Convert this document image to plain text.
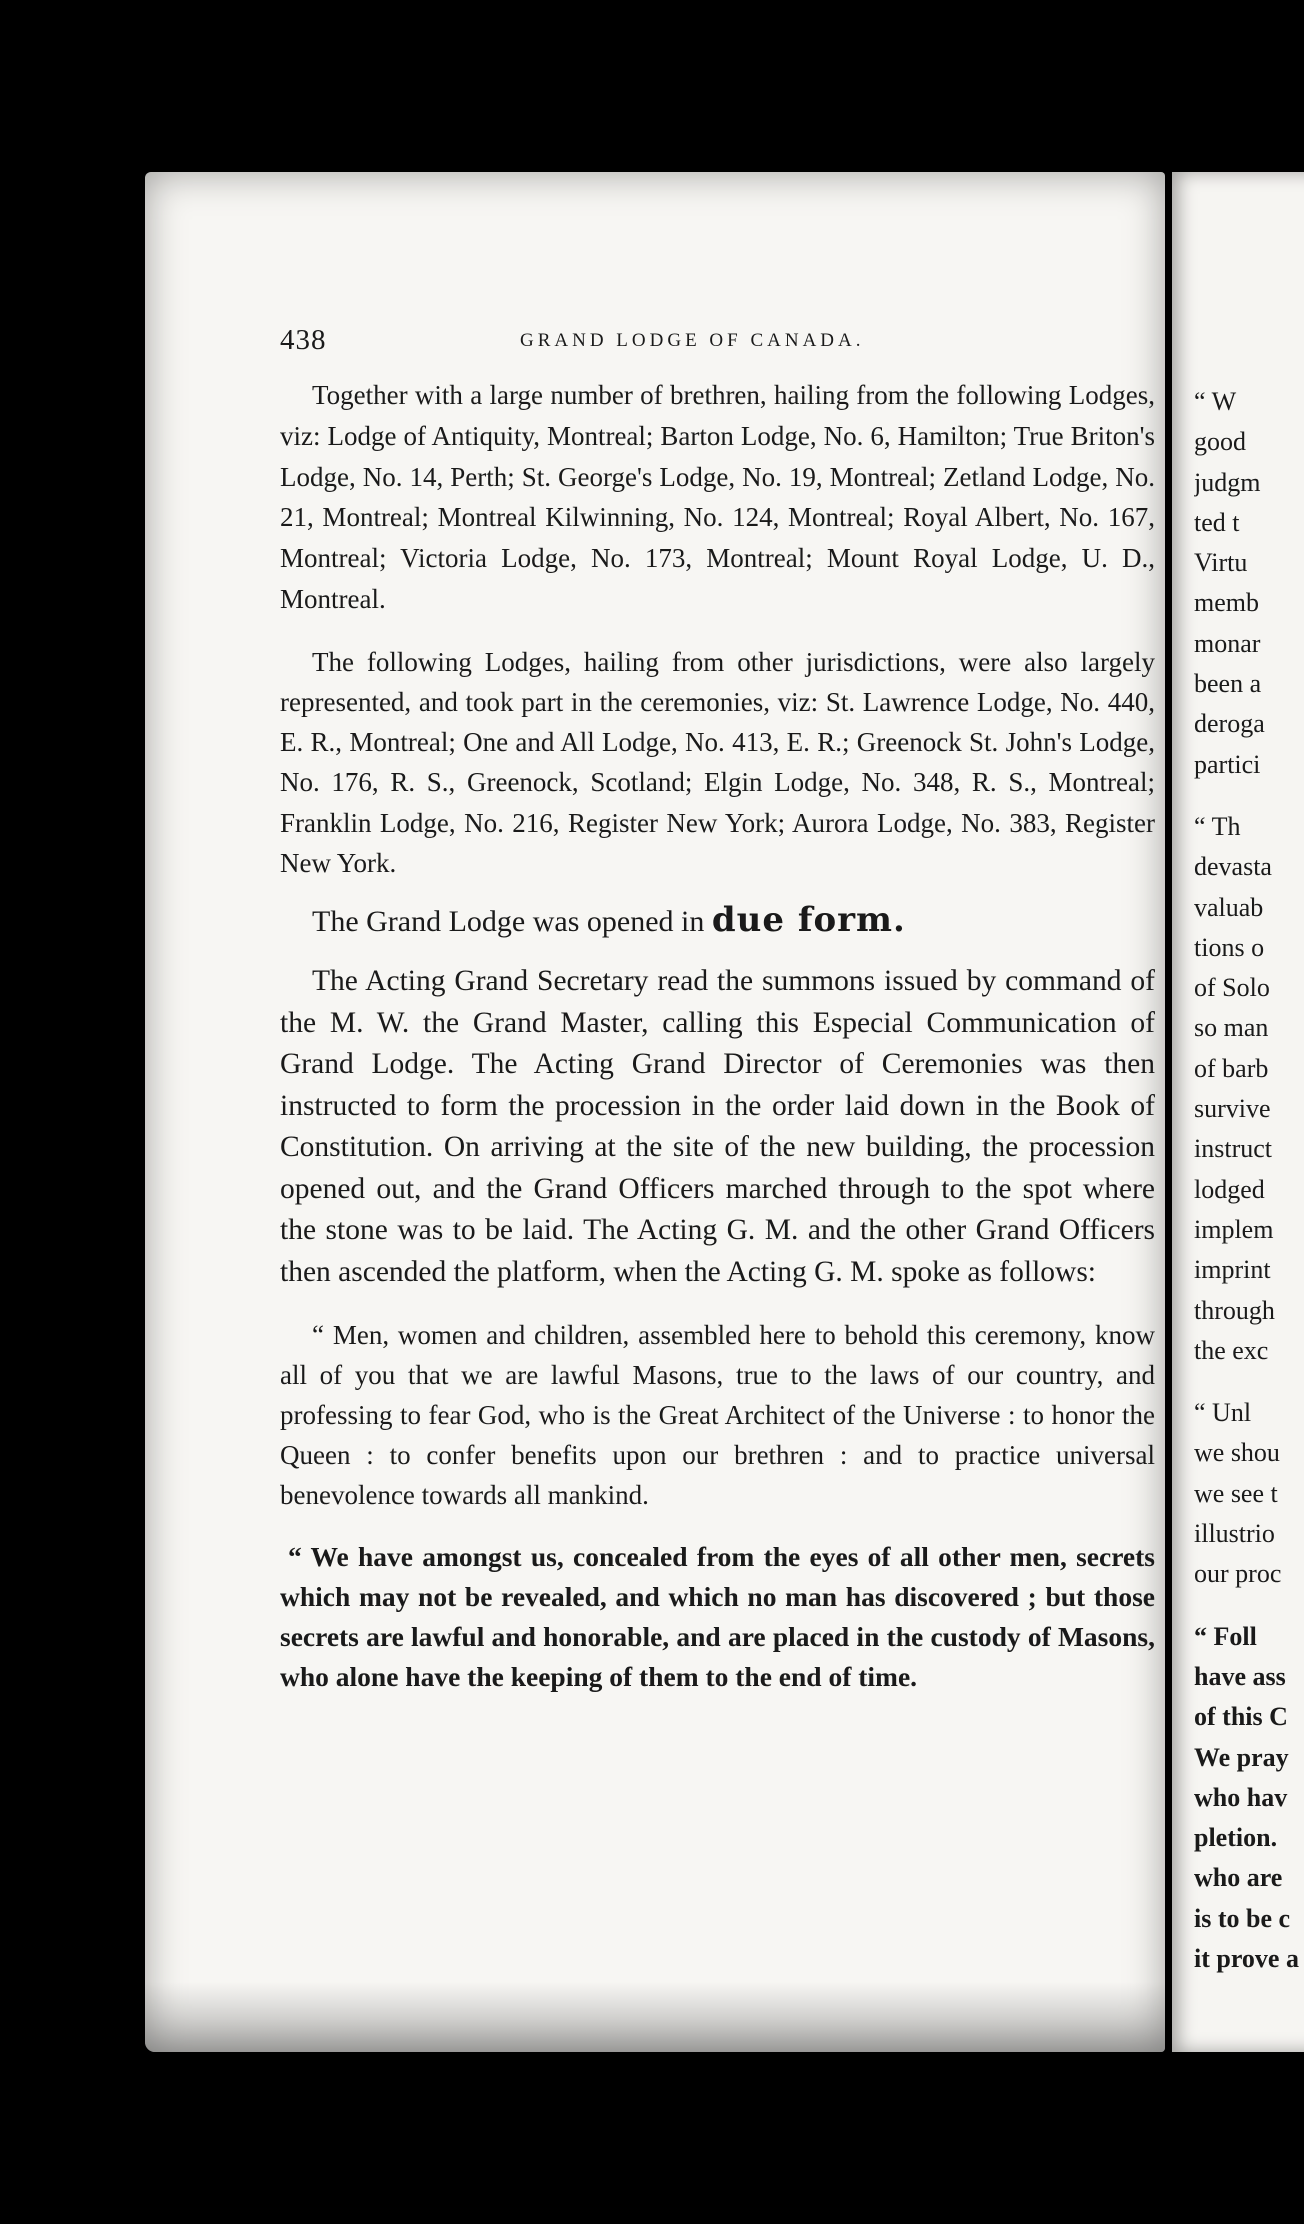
438	GRAND LODGE OF CANADA.

Together with a large number of brethren, hailing from the following Lodges, viz: Lodge of Antiquity, Montreal; Barton Lodge, No. 6, Hamilton; True Briton's Lodge, No. 14, Perth; St. George's Lodge, No. 19, Montreal; Zetland Lodge, No. 21, Montreal; Montreal Kilwinning, No. 124, Montreal; Royal Albert, No. 167, Montreal; Victoria Lodge, No. 173, Montreal; Mount Royal Lodge, U. D., Montreal.

The following Lodges, hailing from other jurisdictions, were also largely represented, and took part in the ceremonies, viz: St. Lawrence Lodge, No. 440, E. R., Montreal; One and All Lodge, No. 413, E. R.; Greenock St. John's Lodge, No. 176, R. S., Greenock, Scotland; Elgin Lodge, No. 348, R. S., Montreal; Franklin Lodge, No. 216, Register New York; Aurora Lodge, No. 383, Register New York.

The Grand Lodge was opened in due form.

The Acting Grand Secretary read the summons issued by command of the M. W. the Grand Master, calling this Especial Communication of Grand Lodge. The Acting Grand Director of Ceremonies was then instructed to form the procession in the order laid down in the Book of Constitution. On arriving at the site of the new building, the procession opened out, and the Grand Officers marched through to the spot where the stone was to be laid. The Acting G. M. and the other Grand Officers then ascended the platform, when the Acting G. M. spoke as follows:

“ Men, women and children, assembled here to behold this ceremony, know all of you that we are lawful Masons, true to the laws of our country, and professing to fear God, who is the Great Architect of the Universe : to honor the Queen : to confer benefits upon our brethren : and to practice universal benevolence towards all mankind.

“ We have amongst us, concealed from the eyes of all other men, secrets which may not be revealed, and which no man has discovered ; but those secrets are lawful and honorable, and are placed in the custody of Masons, who alone have the keeping of them to the end of time.

“ W
good
judgm
ted t
Virtu
memb
monar
been a
deroga
partici
“ Th
devasta
valuab
tions o
of Solo
so man
of barb
survive
instruct
lodged
implem
imprint
through
the exc
“ Unl
we shou
we see t
illustrio
our proc
“ Foll
have ass
of this C
We pray
who hav
pletion.
who are
is to be c
it prove a
